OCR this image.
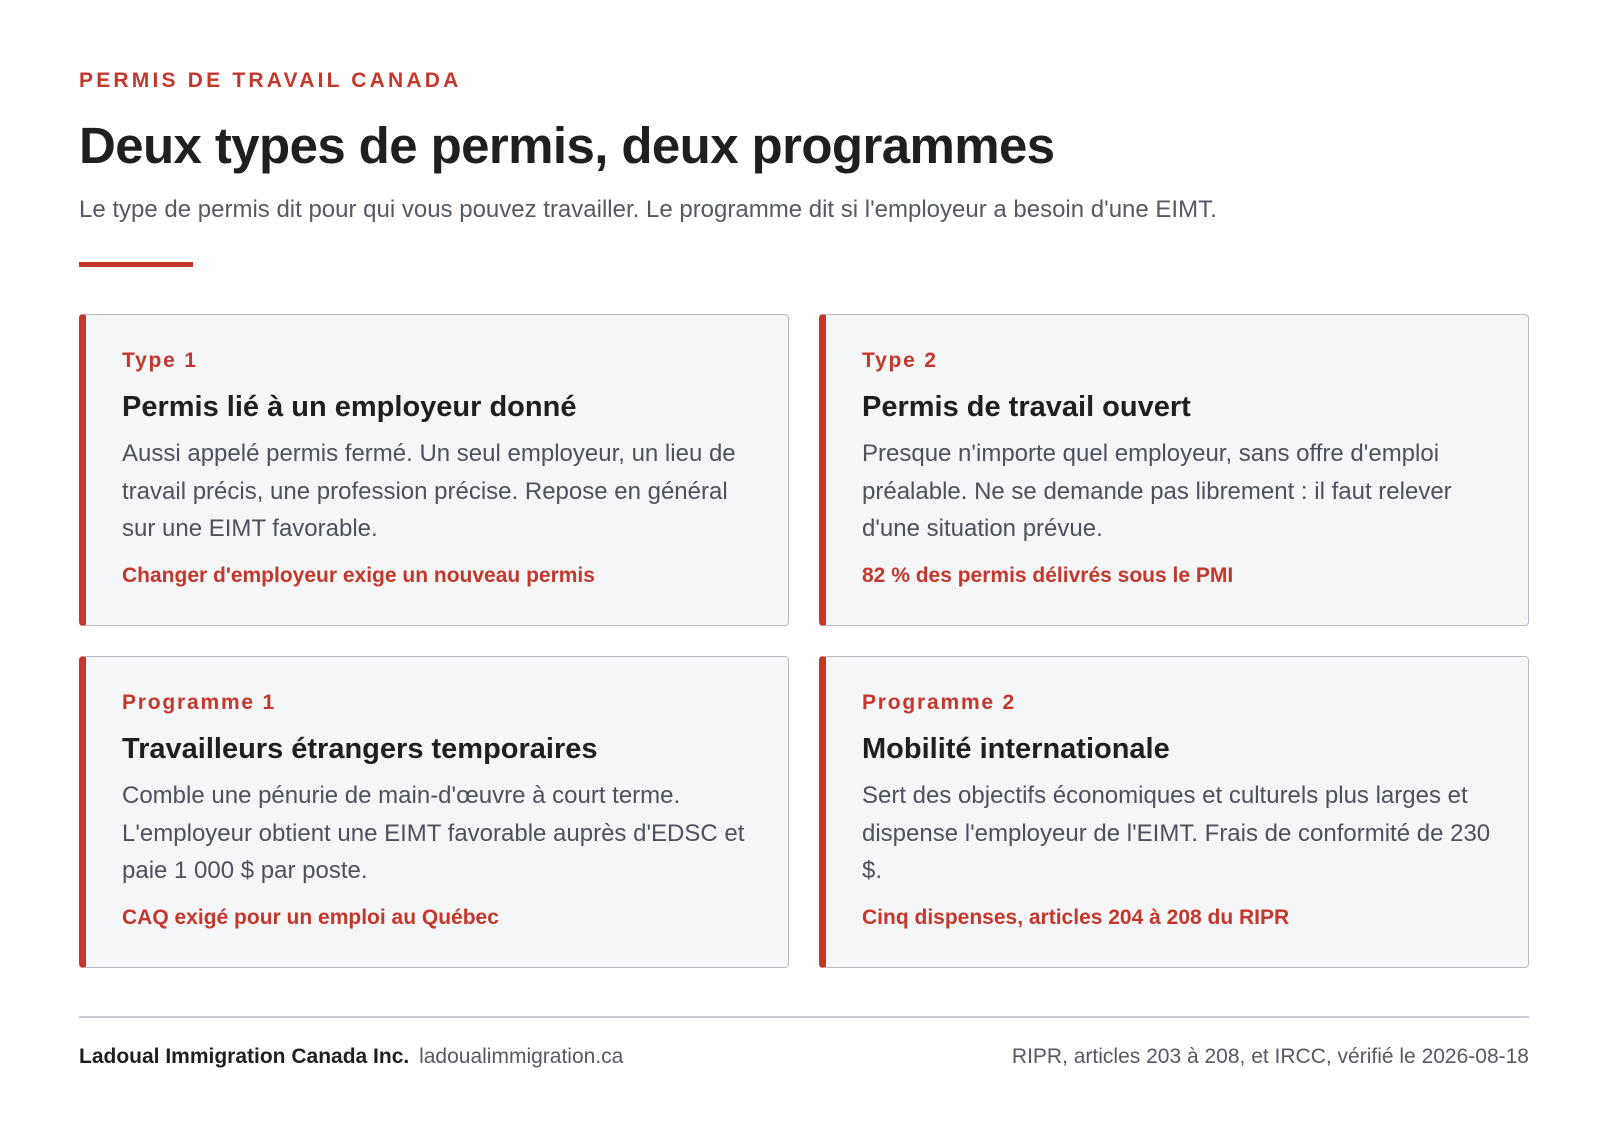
PERMIS DE TRAVAIL CANADA
Deux types de permis, deux programmes

Le type de permis dit pour qui vous pouvez travailler. Le programme dit si l'employeur a besoin d'une EIMT.

Type 1
Permis lié à un employeur donné

Aussi appelé permis fermé. Un seul employeur, un lieu de travail précis, une profession précise. Repose en général sur une EIMT favorable.

Changer d'employeur exige un nouveau permis
Type 2
Permis de travail ouvert

Presque n'importe quel employeur, sans offre d'emploi préalable. Ne se demande pas librement : il faut relever d'une situation prévue.

82 % des permis délivrés sous le PMI
Programme 1
Travailleurs étrangers temporaires

Comble une pénurie de main-d'œuvre à court terme. L'employeur obtient une EIMT favorable auprès d'EDSC et paie 1 000 $ par poste.

CAQ exigé pour un emploi au Québec
Programme 2
Mobilité internationale

Sert des objectifs économiques et culturels plus larges et dispense l'employeur de l'EIMT. Frais de conformité de 230 $.

Cinq dispenses, articles 204 à 208 du RIPR
Ladoual Immigration Canada Inc. ladoualimmigration.ca	RIPR, articles 203 à 208, et IRCC, vérifié le 2026-08-18
